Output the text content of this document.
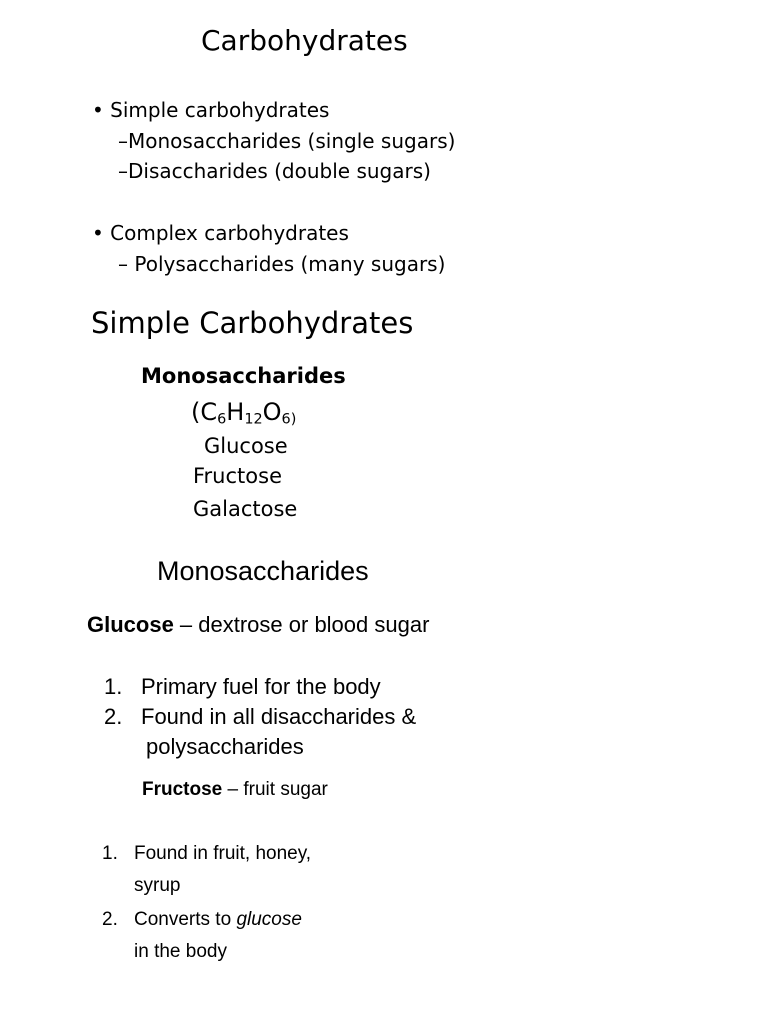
Carbohydrates
• Simple carbohydrates
–Monosaccharides (single sugars)
–Disaccharides (double sugars)
• Complex carbohydrates
– Polysaccharides (many sugars)
Simple Carbohydrates
Monosaccharides
($C_6H_{12}O_{6)}$
Glucose
Fructose
Galactose
Monosaccharides
Glucose – dextrose or blood sugar
1. Primary fuel for the body
2. Found in all disaccharides &
polysaccharides
Fructose – fruit sugar
1. Found in fruit, honey,
syrup
2. Converts to glucose
in the body
